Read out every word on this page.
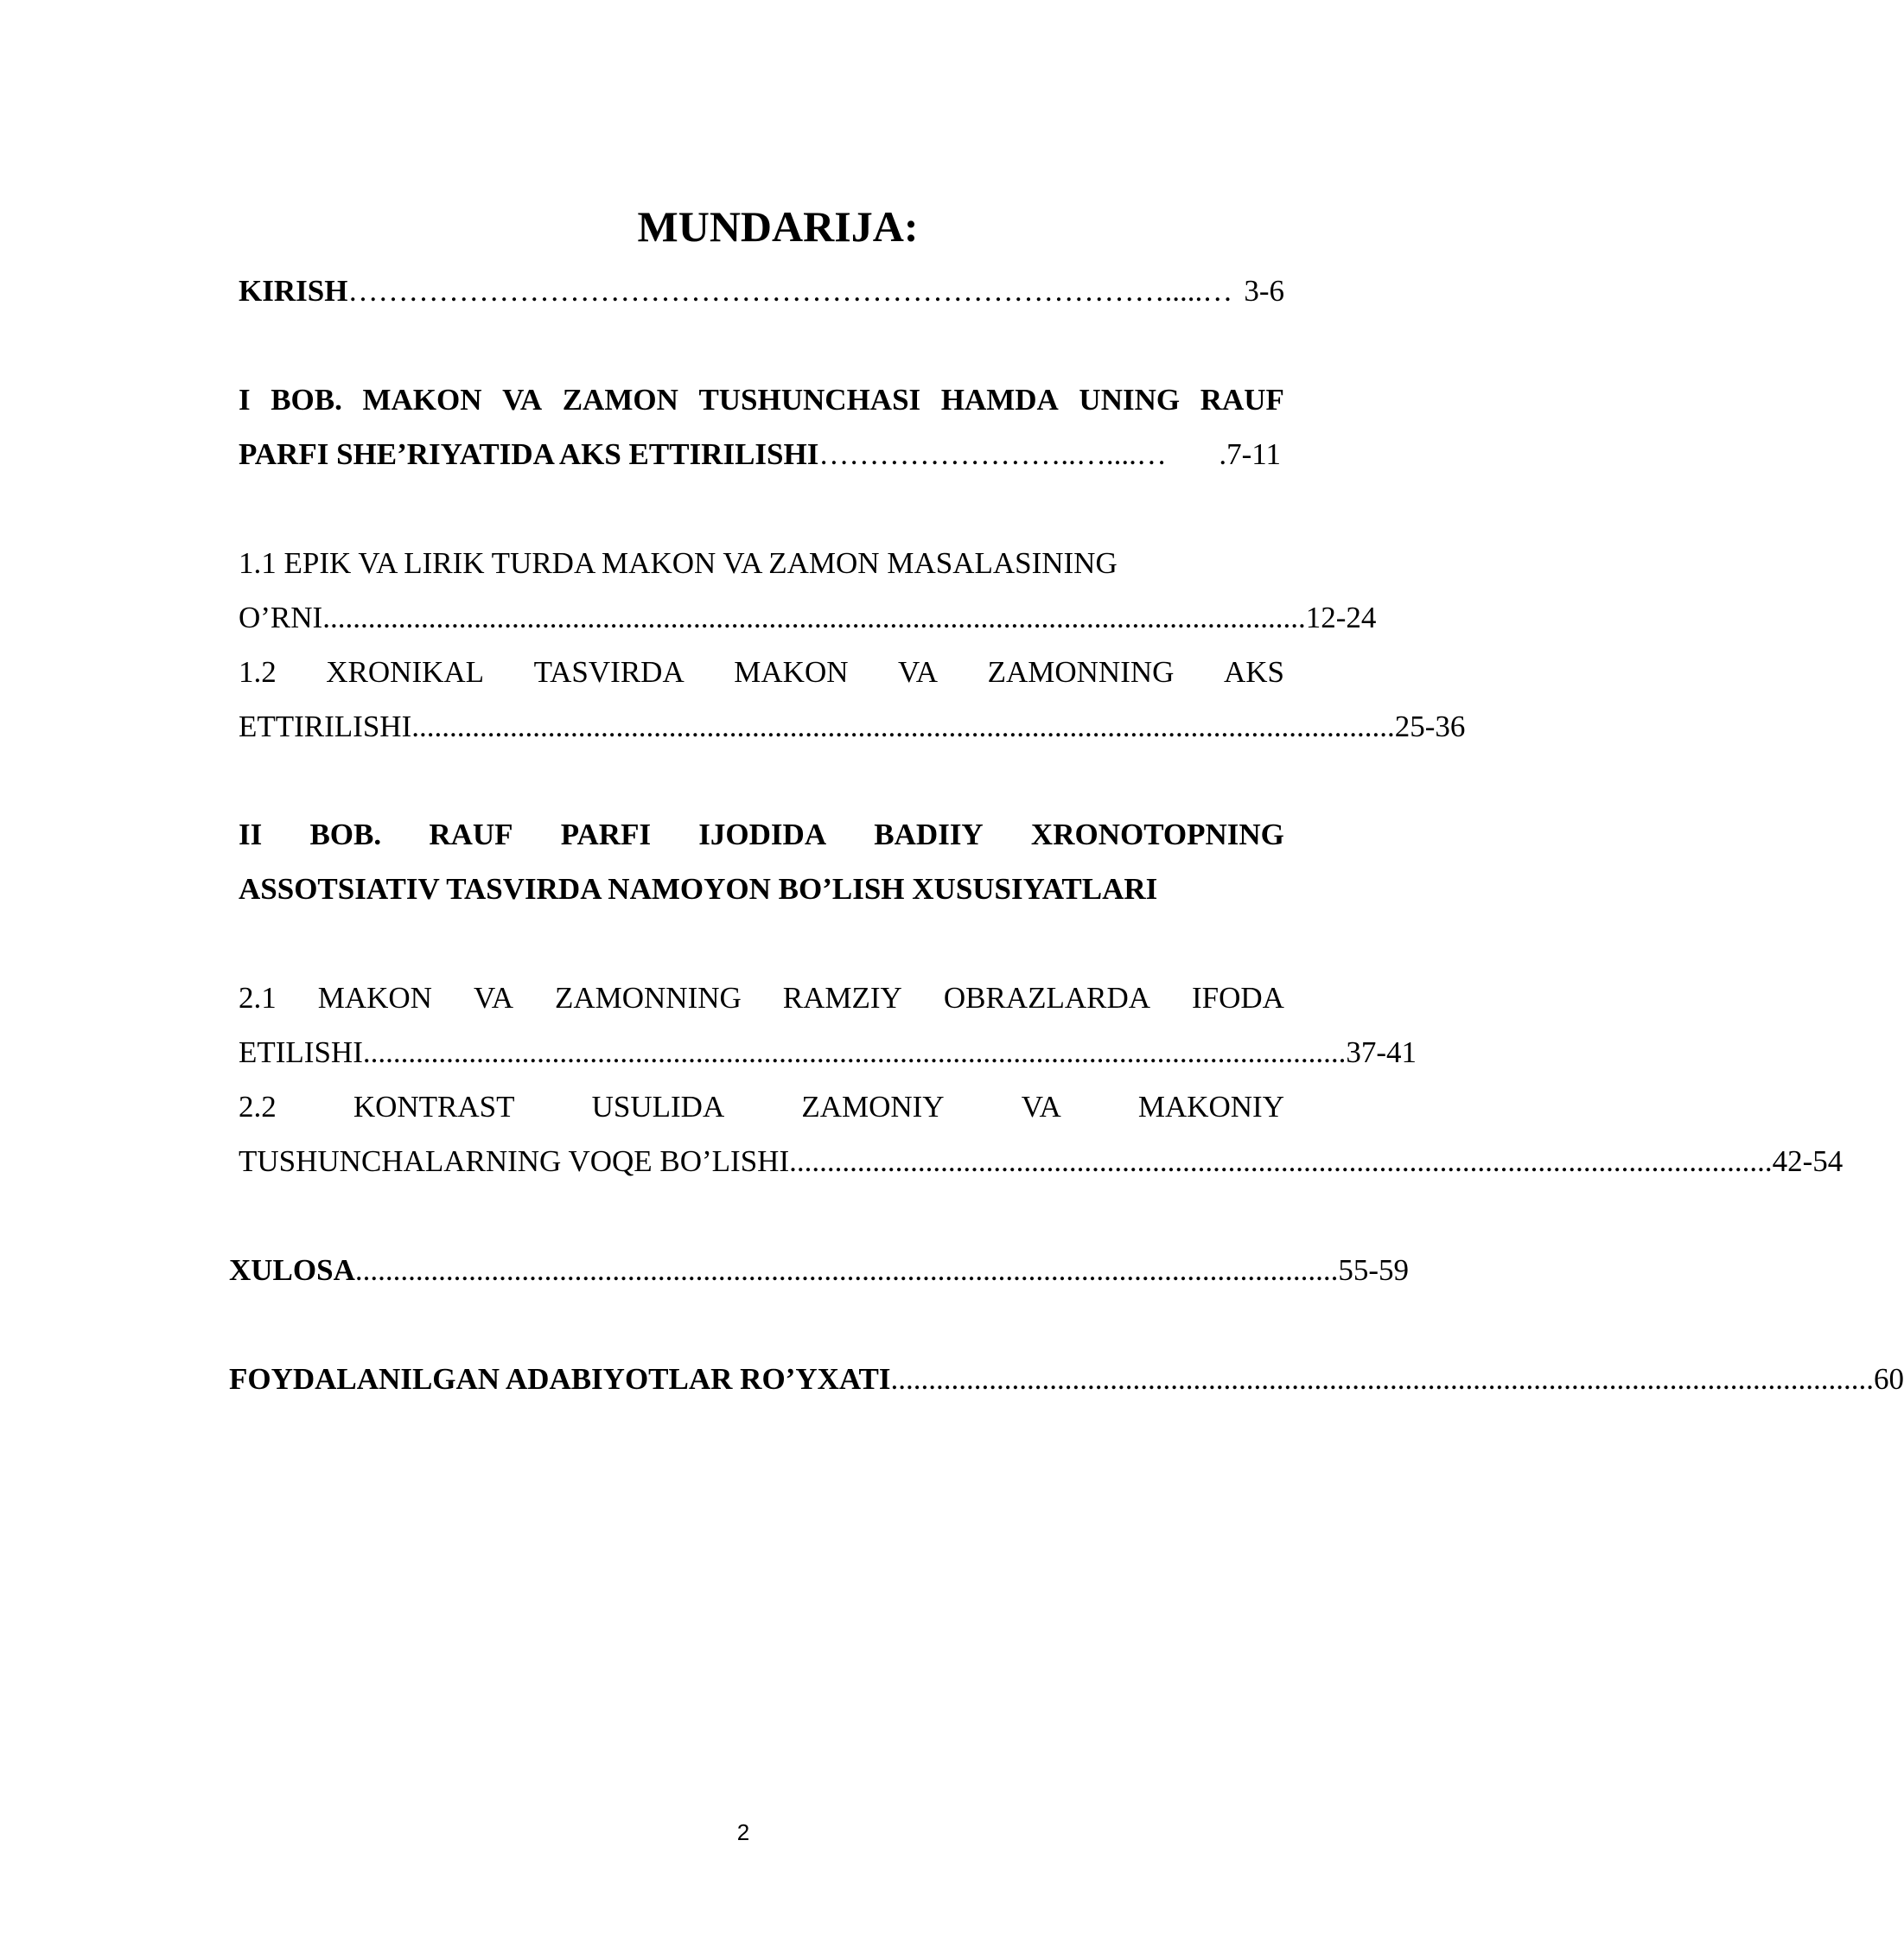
MUNDARIJA:
KIRISH ……………………………………………………………………….....… 3-6
I BOB. MAKON VA ZAMON TUSHUNCHASI HAMDA UNING RAUF
PARFI SHE’RIYATIDA AKS ETTIRILISHI ……………………..…....…	.7-11
1.1 EPIK VA LIRIK TURDA MAKON VA ZAMON MASALASINING
O’RNI .................................................................................................................................. 12-24
1.2 XRONIKAL TASVIRDA MAKON VA ZAMONNING AKS
ETTIRILISHI .................................................................................................................................. 25-36
II BOB. RAUF PARFI IJODIDA BADIIY XRONOTOPNING
ASSOTSIATIV TASVIRDA NAMOYON BO’LISH XUSUSIYATLARI
2.1 MAKON VA ZAMONNING RAMZIY OBRAZLARDA IFODA
ETILISHI .................................................................................................................................. 37-41
2.2	KONTRAST	USULIDA	ZAMONIY	VA	MAKONIY
TUSHUNCHALARNING VOQE BO’LISHI .................................................................................................................................. 42-54
XULOSA .................................................................................................................................. 55-59
FOYDALANILGAN ADABIYOTLAR RO’YXATI .................................................................................................................................. 60
2
